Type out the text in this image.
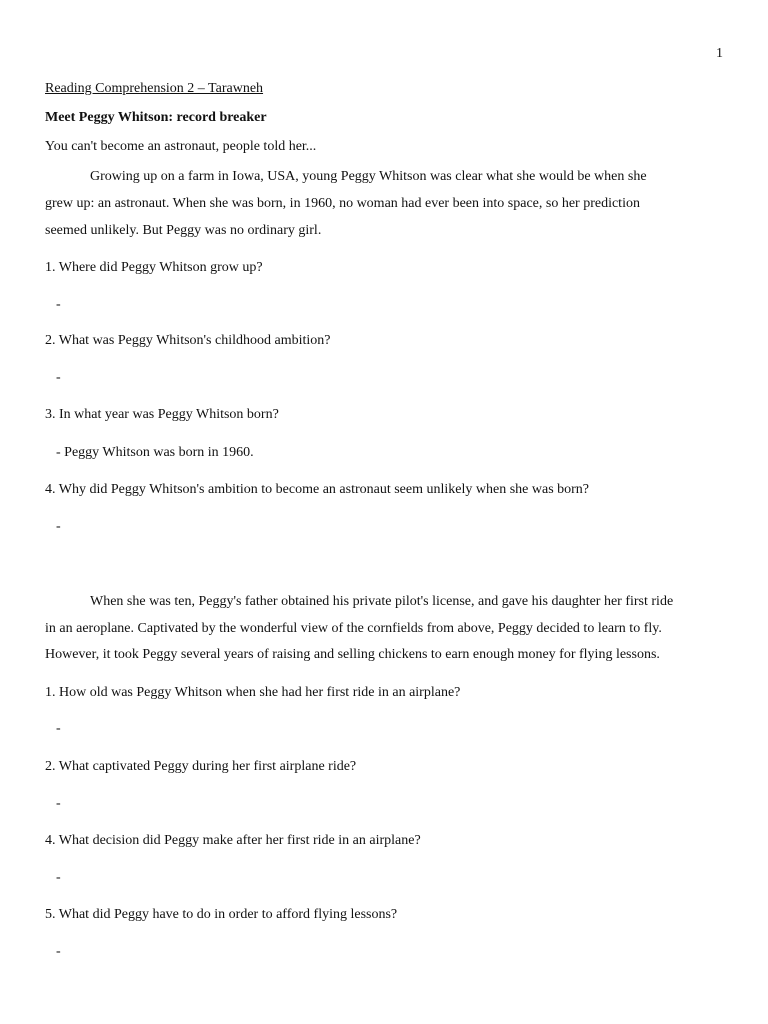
1
Reading Comprehension 2 – Tarawneh
Meet Peggy Whitson: record breaker
You can't become an astronaut, people told her...
Growing up on a farm in Iowa, USA, young Peggy Whitson was clear what she would be when she
grew up: an astronaut. When she was born, in 1960, no woman had ever been into space, so her prediction
seemed unlikely. But Peggy was no ordinary girl.
1. Where did Peggy Whitson grow up?
-
2. What was Peggy Whitson's childhood ambition?
-
3. In what year was Peggy Whitson born?
- Peggy Whitson was born in 1960.
4. Why did Peggy Whitson's ambition to become an astronaut seem unlikely when she was born?
-
When she was ten, Peggy's father obtained his private pilot's license, and gave his daughter her first ride
in an aeroplane. Captivated by the wonderful view of the cornfields from above, Peggy decided to learn to fly.
However, it took Peggy several years of raising and selling chickens to earn enough money for flying lessons.
1. How old was Peggy Whitson when she had her first ride in an airplane?
-
2. What captivated Peggy during her first airplane ride?
-
4. What decision did Peggy make after her first ride in an airplane?
-
5. What did Peggy have to do in order to afford flying lessons?
-
